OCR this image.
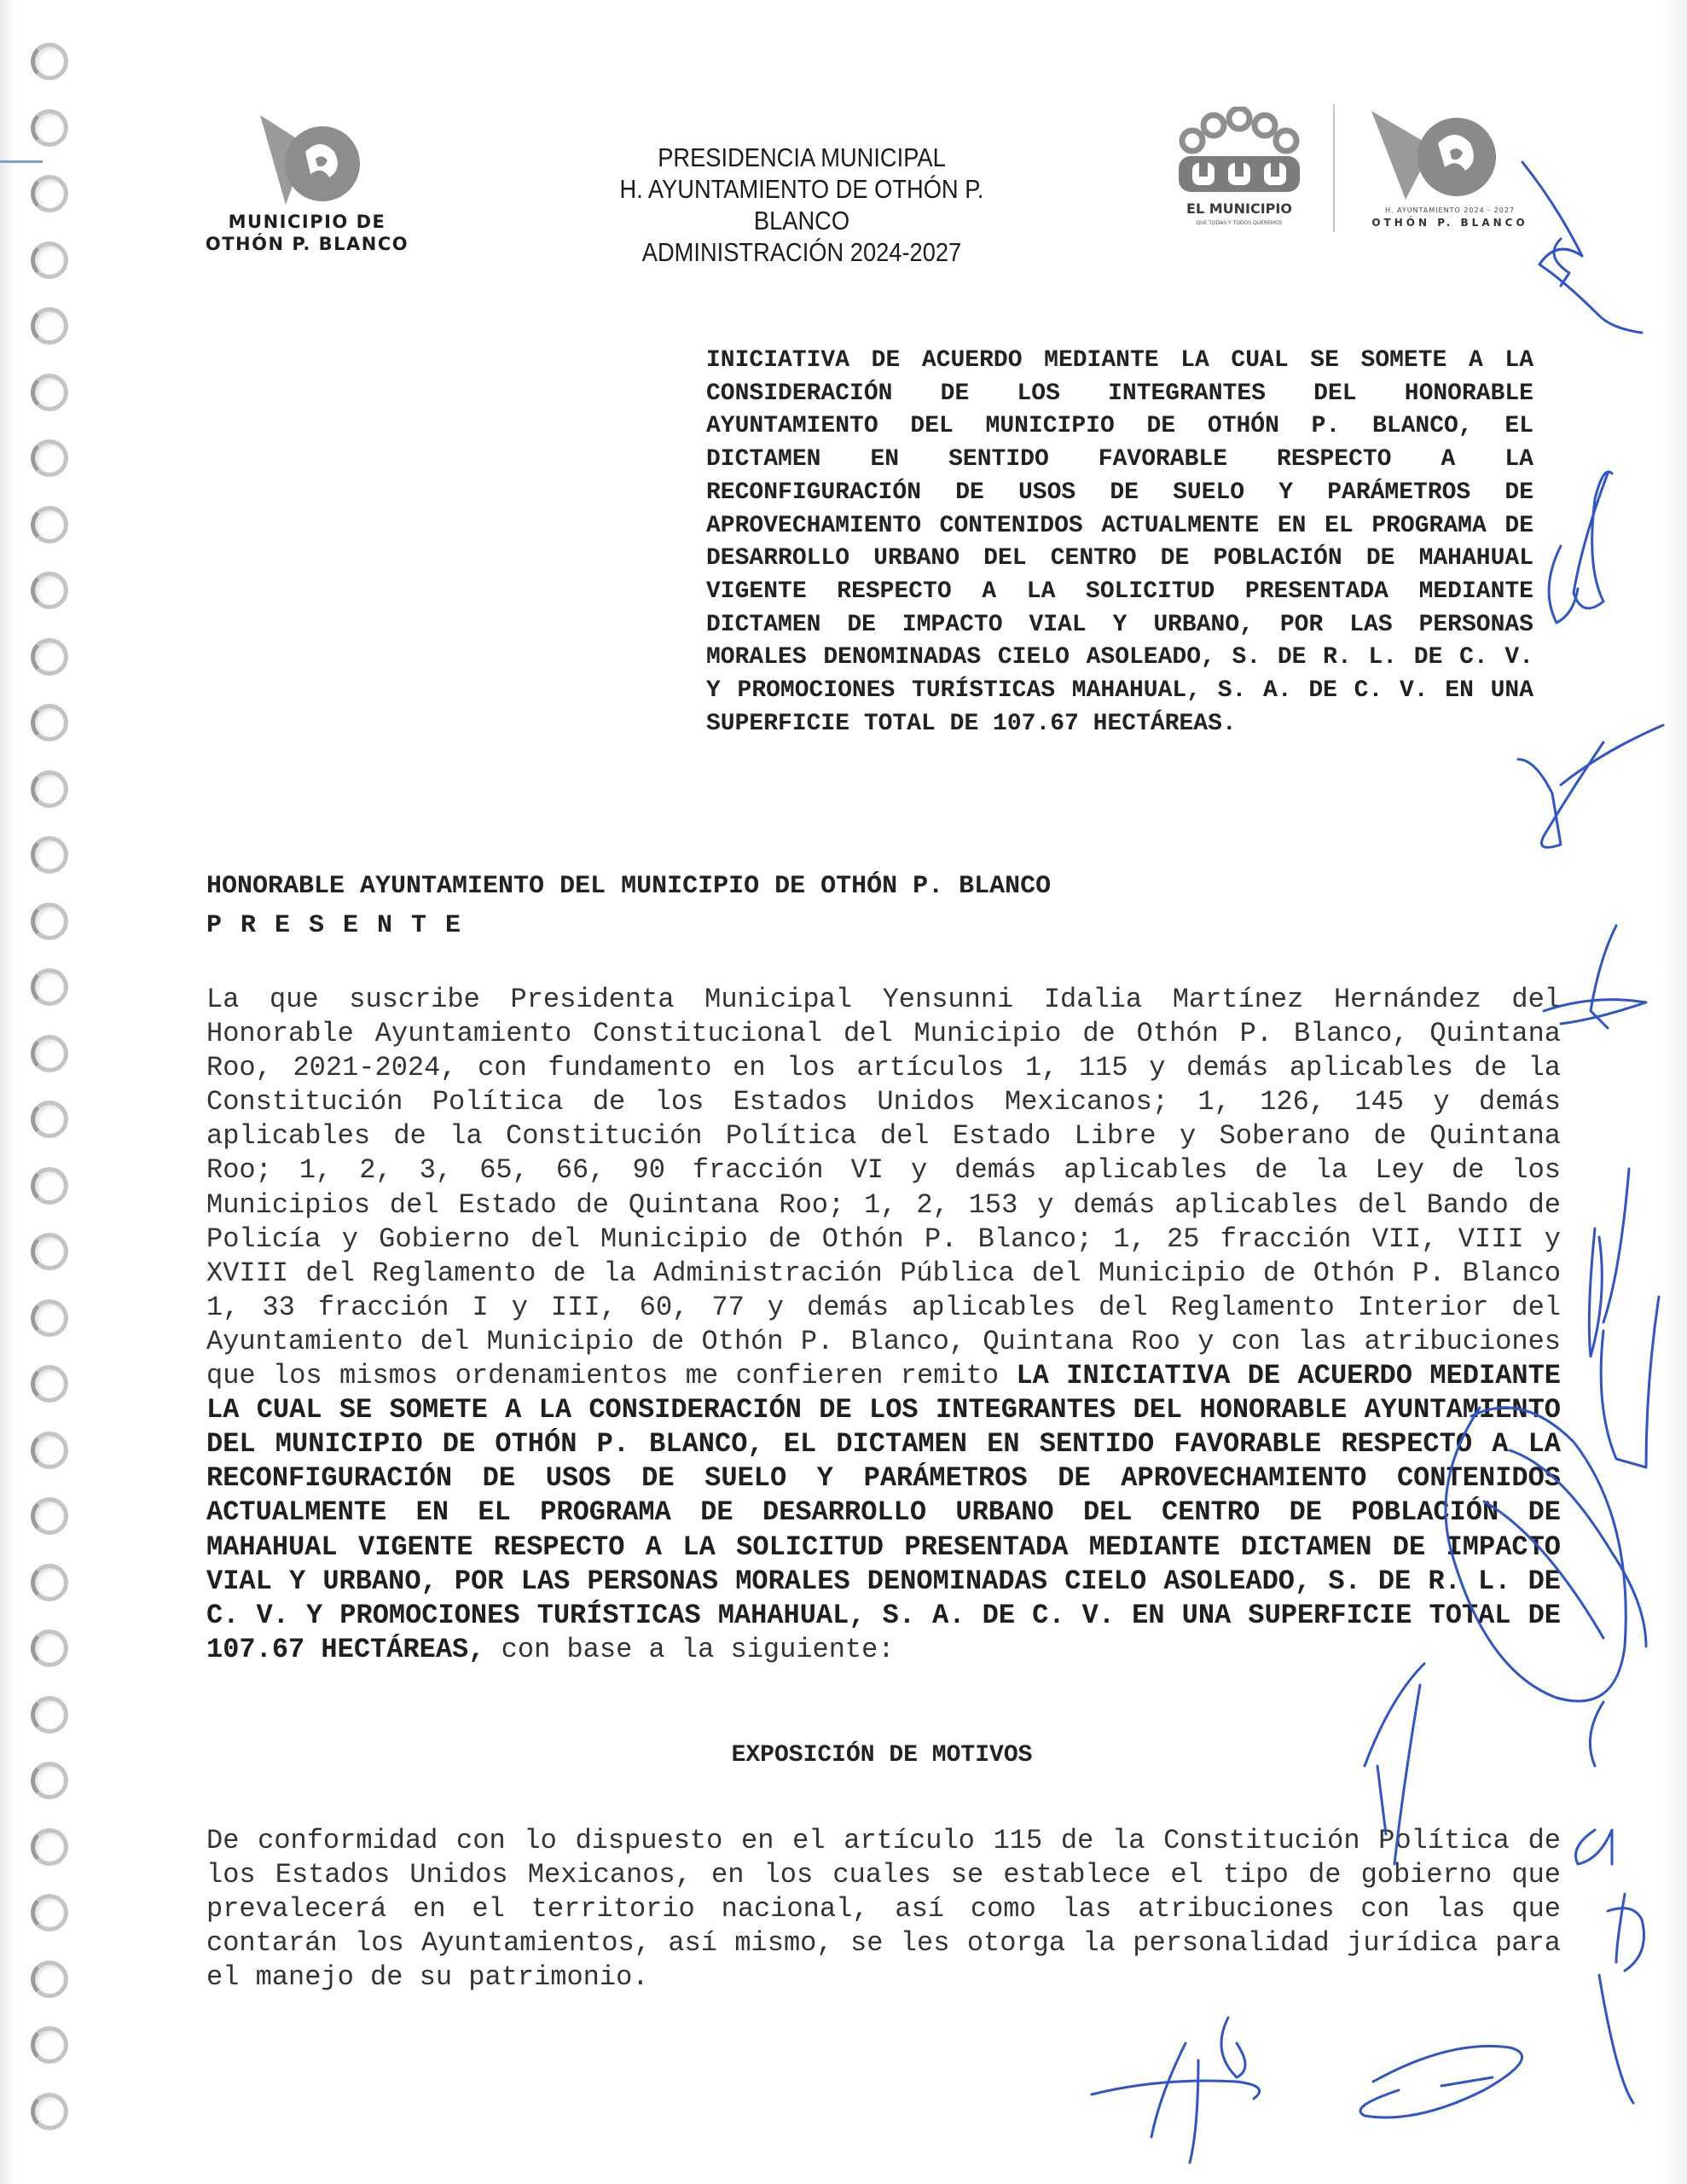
MUNICIPIO DE
OTHÓN P. BLANCO
PRESIDENCIA MUNICIPAL
H. AYUNTAMIENTO DE OTHÓN P. BLANCO
ADMINISTRACIÓN 2024-2027
EL MUNICIPIO
QUE TODAS Y TODOS QUEREMOS
H. AYUNTAMIENTO 2024 - 2027
OTHÓN P. BLANCO
INICIATIVA DE ACUERDO MEDIANTE LA CUAL SE SOMETE A LA CONSIDERACIÓN DE LOS INTEGRANTES DEL HONORABLE AYUNTAMIENTO DEL MUNICIPIO DE OTHÓN P. BLANCO, EL DICTAMEN EN SENTIDO FAVORABLE RESPECTO A LA RECONFIGURACIÓN DE USOS DE SUELO Y PARÁMETROS DE APROVECHAMIENTO CONTENIDOS ACTUALMENTE EN EL PROGRAMA DE DESARROLLO URBANO DEL CENTRO DE POBLACIÓN DE MAHAHUAL VIGENTE RESPECTO A LA SOLICITUD PRESENTADA MEDIANTE DICTAMEN DE IMPACTO VIAL Y URBANO, POR LAS PERSONAS MORALES DENOMINADAS CIELO ASOLEADO, S. DE R. L. DE C. V. Y PROMOCIONES TURÍSTICAS MAHAHUAL, S. A. DE C. V. EN UNA SUPERFICIE TOTAL DE 107.67 HECTÁREAS.
HONORABLE AYUNTAMIENTO DEL MUNICIPIO DE OTHÓN P. BLANCO
PRESENTE
La que suscribe Presidenta Municipal Yensunni Idalia Martínez Hernández del Honorable Ayuntamiento Constitucional del Municipio de Othón P. Blanco, Quintana Roo, 2021-2024, con fundamento en los artículos 1, 115 y demás aplicables de la Constitución Política de los Estados Unidos Mexicanos; 1, 126, 145 y demás aplicables de la Constitución Política del Estado Libre y Soberano de Quintana Roo; 1, 2, 3, 65, 66, 90 fracción VI y demás aplicables de la Ley de los Municipios del Estado de Quintana Roo; 1, 2, 153 y demás aplicables del Bando de Policía y Gobierno del Municipio de Othón P. Blanco; 1, 25 fracción VII, VIII y XVIII del Reglamento de la Administración Pública del Municipio de Othón P. Blanco 1, 33 fracción I y III, 60, 77 y demás aplicables del Reglamento Interior del Ayuntamiento del Municipio de Othón P. Blanco, Quintana Roo y con las atribuciones que los mismos ordenamientos me confieren remito LA INICIATIVA DE ACUERDO MEDIANTE LA CUAL SE SOMETE A LA CONSIDERACIÓN DE LOS INTEGRANTES DEL HONORABLE AYUNTAMIENTO DEL MUNICIPIO DE OTHÓN P. BLANCO, EL DICTAMEN EN SENTIDO FAVORABLE RESPECTO A LA RECONFIGURACIÓN DE USOS DE SUELO Y PARÁMETROS DE APROVECHAMIENTO CONTENIDOS ACTUALMENTE EN EL PROGRAMA DE DESARROLLO URBANO DEL CENTRO DE POBLACIÓN DE MAHAHUAL VIGENTE RESPECTO A LA SOLICITUD PRESENTADA MEDIANTE DICTAMEN DE IMPACTO VIAL Y URBANO, POR LAS PERSONAS MORALES DENOMINADAS CIELO ASOLEADO, S. DE R. L. DE C. V. Y PROMOCIONES TURÍSTICAS MAHAHUAL, S. A. DE C. V. EN UNA SUPERFICIE TOTAL DE 107.67 HECTÁREAS, con base a la siguiente:
EXPOSICIÓN DE MOTIVOS
De conformidad con lo dispuesto en el artículo 115 de la Constitución Política de los Estados Unidos Mexicanos, en los cuales se establece el tipo de gobierno que prevalecerá en el territorio nacional, así como las atribuciones con las que contarán los Ayuntamientos, así mismo, se les otorga la personalidad jurídica para el manejo de su patrimonio.
